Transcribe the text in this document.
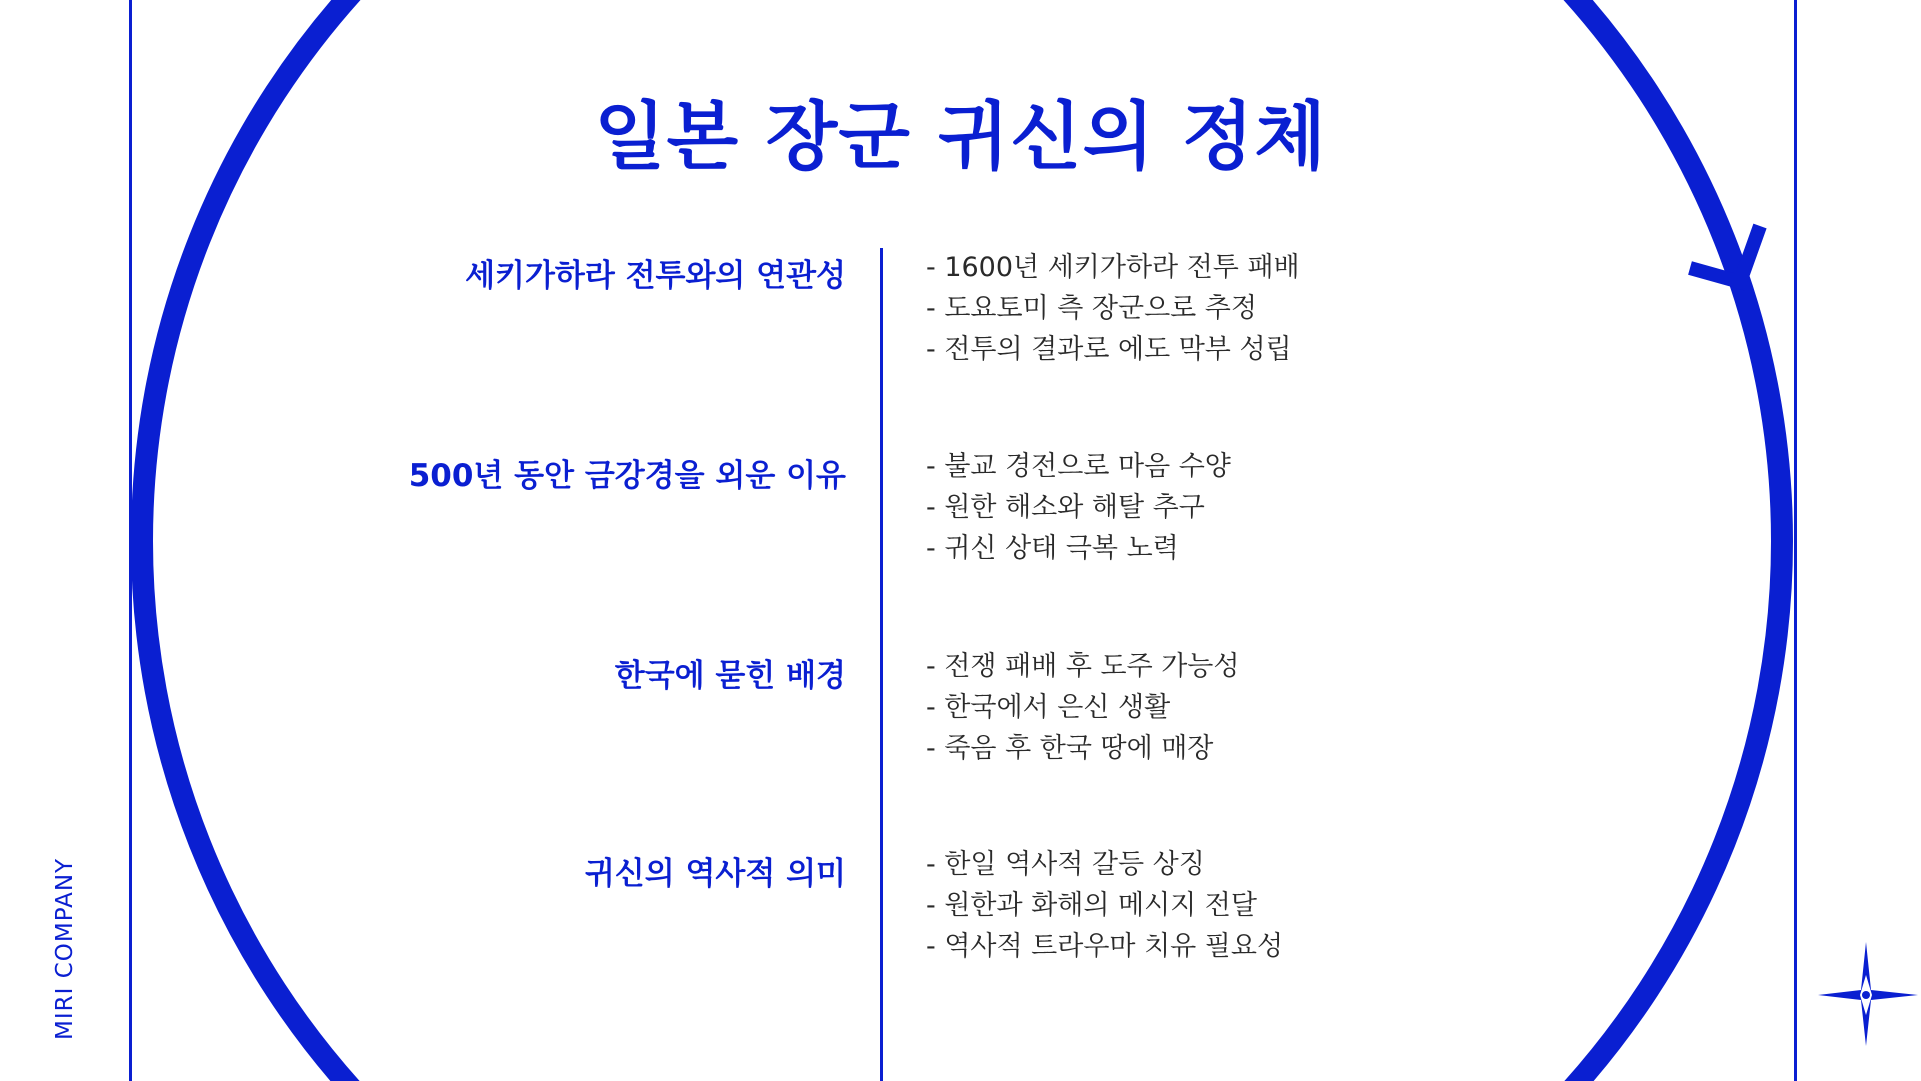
일본 장군 귀신의 정체
MIRI COMPANY
세키가하라 전투와의 연관성	- 1600년 세키가하라 전투 패배
- 도요토미 측 장군으로 추정
- 전투의 결과로 에도 막부 성립
500년 동안 금강경을 외운 이유	- 불교 경전으로 마음 수양
- 원한 해소와 해탈 추구
- 귀신 상태 극복 노력
한국에 묻힌 배경	- 전쟁 패배 후 도주 가능성
- 한국에서 은신 생활
- 죽음 후 한국 땅에 매장
귀신의 역사적 의미	- 한일 역사적 갈등 상징
- 원한과 화해의 메시지 전달
- 역사적 트라우마 치유 필요성
